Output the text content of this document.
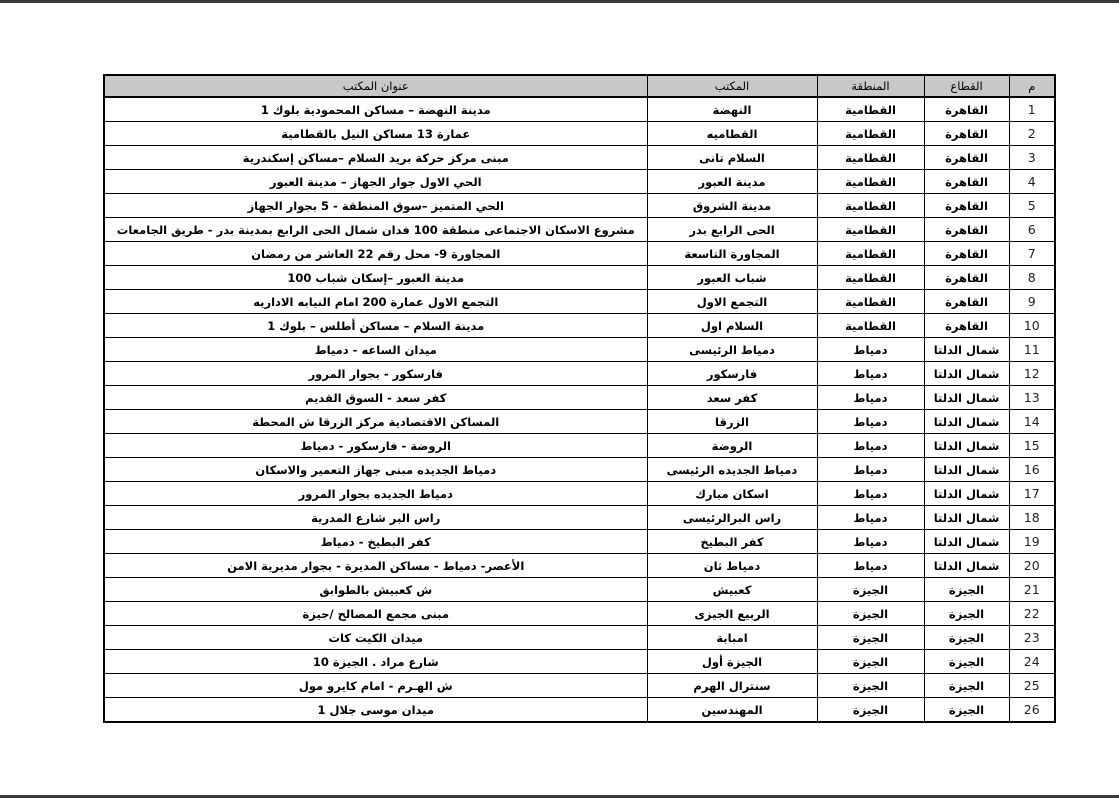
م	القطاع	المنطقة	المكتب	عنوان المكتب
1	القاهرة	القطامية	النهضة	مدينة النهضة – مساكن المحمودية بلوك 1
2	القاهرة	القطامية	القطاميه	عمارة 13 مساكن النيل بالقطامية
3	القاهرة	القطامية	السلام تانى	مبنى مركز حركة بريد السلام –مساكن إسكندرية
4	القاهرة	القطامية	مدينة العبور	الحي الاول جوار الجهاز – مدينة العبور
5	القاهرة	القطامية	مدينة الشروق	الحي المتميز –سوق المنطقة - 5 بجوار الجهاز
6	القاهرة	القطامية	الحى الرابع بدر	مشروع الاسكان الاجتماعى منطقة 100 فدان شمال الحى الرابع بمدينة بدر - طريق الجامعات
7	القاهرة	القطامية	المجاورة التاسعة	المجاورة 9- محل رقم 22 العاشر من رمضان
8	القاهرة	القطامية	شباب العبور	مدينة العبور –إسكان شباب 100
9	القاهرة	القطامية	التجمع الاول	التجمع الاول عمارة 200 امام النيابه الاداريه
10	القاهرة	القطامية	السلام اول	مدينة السلام – مساكن أطلس – بلوك 1
11	شمال الدلتا	دمياط	دمياط الرئيسى	ميدان الساعه - دمياط
12	شمال الدلتا	دمياط	فارسكور	فارسكور - بجوار المرور
13	شمال الدلتا	دمياط	كفر سعد	كفر سعد - السوق القديم
14	شمال الدلتا	دمياط	الزرقا	المساكن الاقتصادية مركز الزرقا ش المحطة
15	شمال الدلتا	دمياط	الروضة	الروضة - فارسكور - دمياط
16	شمال الدلتا	دمياط	دمياط الجديده الرئيسى	دمياط الجديده مبنى جهاز التعمير والاسكان
17	شمال الدلتا	دمياط	اسكان مبارك	دمياط الجديده بجوار المرور
18	شمال الدلتا	دمياط	راس البرالرئيسى	راس البر شارع المدرية
19	شمال الدلتا	دمياط	كفر البطيخ	كفر البطيخ - دمياط
20	شمال الدلتا	دمياط	دمياط ثان	الأعصر- دمياط - مساكن المديرة - بجوار مديرية الامن
21	الجيزة	الجيزة	كعبيش	ش كعبيش بالطوابق
22	الجيزة	الجيزة	الربيع الجيزى	مبنى مجمع المصالح /جيزة
23	الجيزة	الجيزة	امبابة	ميدان الكيت كات
24	الجيزة	الجيزة	الجيزة أول	شارع مراد . الجيزة 10
25	الجيزة	الجيزة	سنترال الهرم	ش الهـرم - امام كايرو مول
26	الجيزة	الجيزة	المهندسين	ميدان موسى جلال 1
